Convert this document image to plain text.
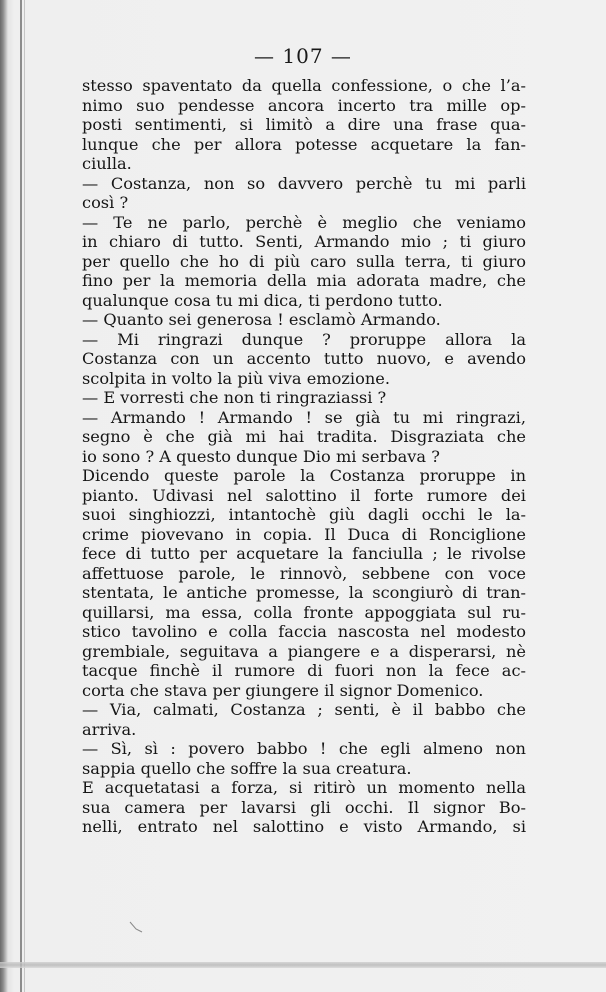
— 107 —
stesso spaventato da quella confessione, o che l’a-
nimo suo pendesse ancora incerto tra mille op-
posti sentimenti, si limitò a dire una frase qua-
lunque che per allora potesse acquetare la fan-
ciulla.
— Costanza, non so davvero perchè tu mi parli
così ?
— Te ne parlo, perchè è meglio che veniamo
in chiaro di tutto. Senti, Armando mio ; ti giuro
per quello che ho di più caro sulla terra, ti giuro
fino per la memoria della mia adorata madre, che
qualunque cosa tu mi dica, ti perdono tutto.
— Quanto sei generosa ! esclamò Armando.
— Mi ringrazi dunque ? proruppe allora la
Costanza con un accento tutto nuovo, e avendo
scolpita in volto la più viva emozione.
— E vorresti che non ti ringraziassi ?
— Armando ! Armando ! se già tu mi ringrazi,
segno è che già mi hai tradita. Disgraziata che
io sono ? A questo dunque Dio mi serbava ?
Dicendo queste parole la Costanza proruppe in
pianto. Udivasi nel salottino il forte rumore dei
suoi singhiozzi, intantochè giù dagli occhi le la-
crime piovevano in copia. Il Duca di Ronciglione
fece di tutto per acquetare la fanciulla ; le rivolse
affettuose parole, le rinnovò, sebbene con voce
stentata, le antiche promesse, la scongiurò di tran-
quillarsi, ma essa, colla fronte appoggiata sul ru-
stico tavolino e colla faccia nascosta nel modesto
grembiale, seguitava a piangere e a disperarsi, nè
tacque finchè il rumore di fuori non la fece ac-
corta che stava per giungere il signor Domenico.
— Via, calmati, Costanza ; senti, è il babbo che
arriva.
— Sì, sì : povero babbo ! che egli almeno non
sappia quello che soffre la sua creatura.
E acquetatasi a forza, si ritirò un momento nella
sua camera per lavarsi gli occhi. Il signor Bo-
nelli, entrato nel salottino e visto Armando, si
